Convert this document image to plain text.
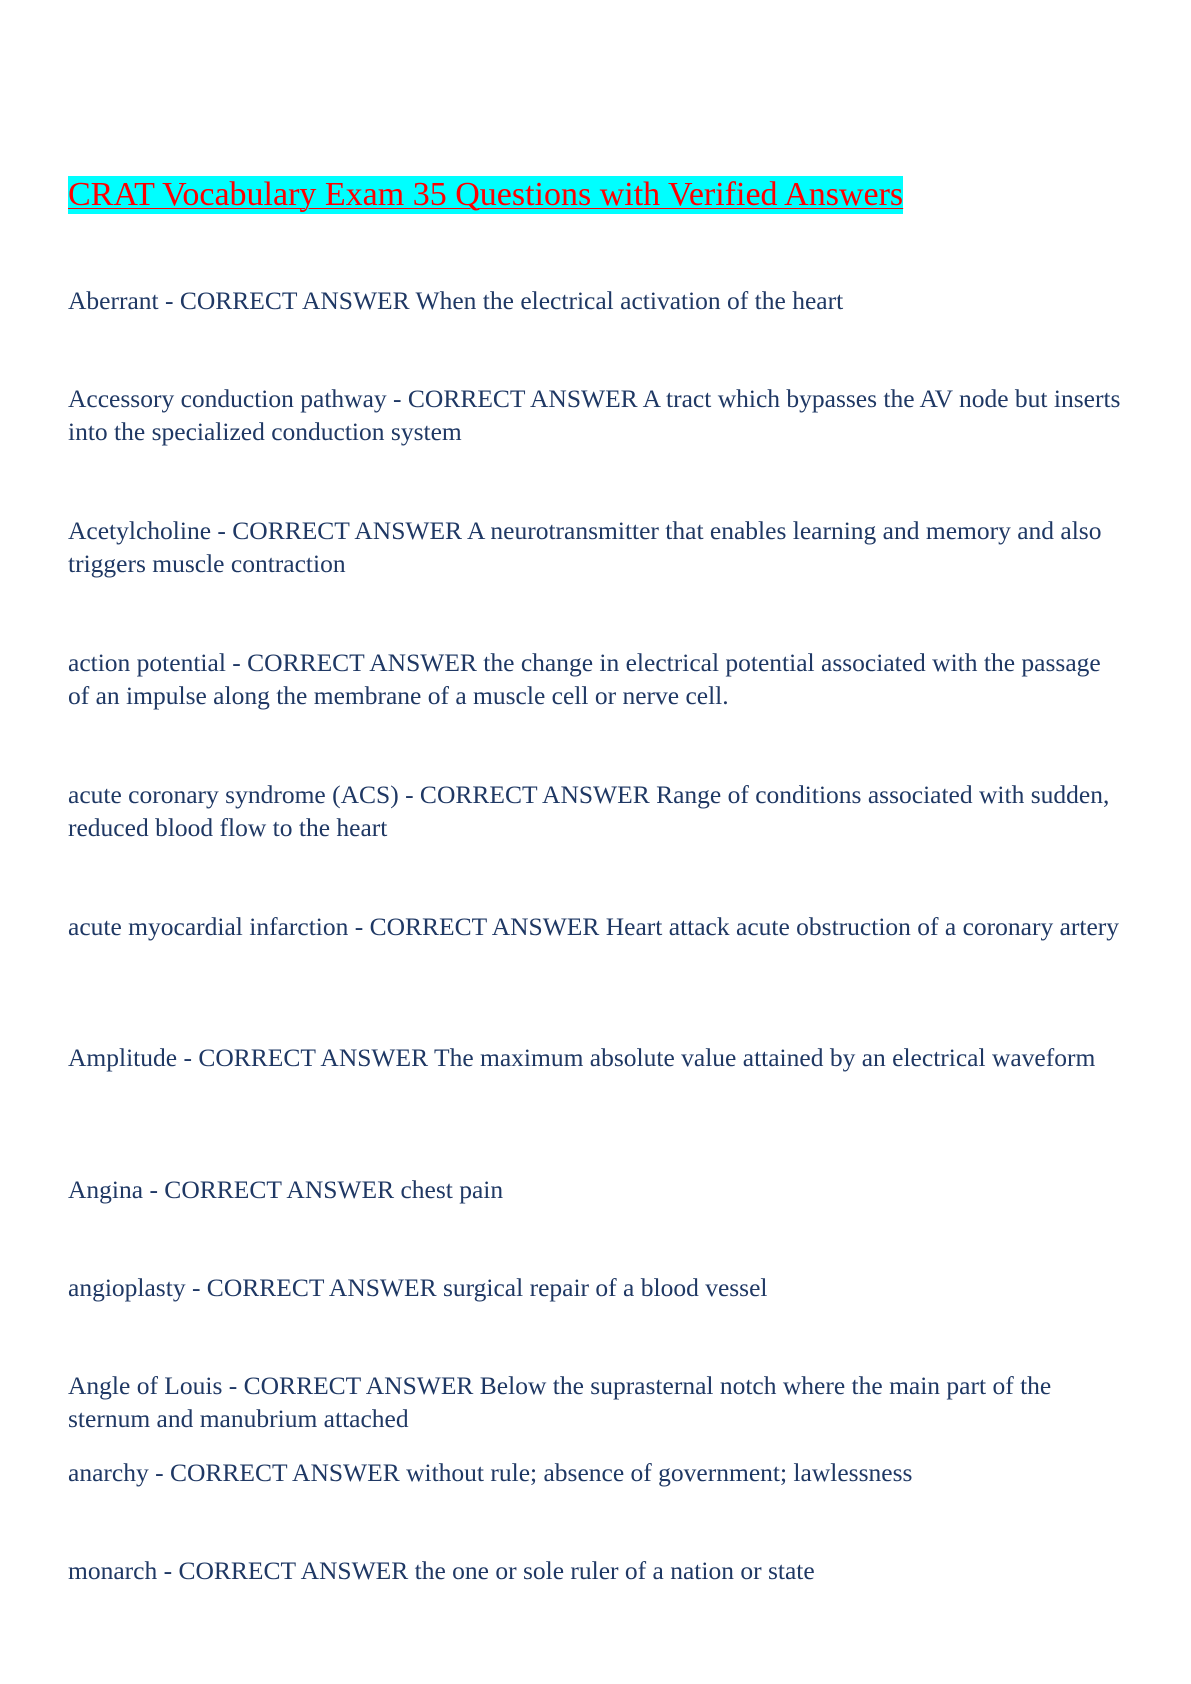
CRAT Vocabulary Exam 35 Questions with Verified Answers

Aberrant - CORRECT ANSWER When the electrical activation of the heart

Accessory conduction pathway - CORRECT ANSWER A tract which bypasses the AV node but inserts into the specialized conduction system

Acetylcholine - CORRECT ANSWER A neurotransmitter that enables learning and memory and also triggers muscle contraction

action potential - CORRECT ANSWER the change in electrical potential associated with the passage of an impulse along the membrane of a muscle cell or nerve cell.

acute coronary syndrome (ACS) - CORRECT ANSWER Range of conditions associated with sudden, reduced blood flow to the heart

acute myocardial infarction - CORRECT ANSWER Heart attack acute obstruction of a coronary artery

Amplitude - CORRECT ANSWER The maximum absolute value attained by an electrical waveform

Angina - CORRECT ANSWER chest pain

angioplasty - CORRECT ANSWER surgical repair of a blood vessel

Angle of Louis - CORRECT ANSWER Below the suprasternal notch where the main part of the sternum and manubrium attached

anarchy - CORRECT ANSWER without rule; absence of government; lawlessness

monarch - CORRECT ANSWER the one or sole ruler of a nation or state
